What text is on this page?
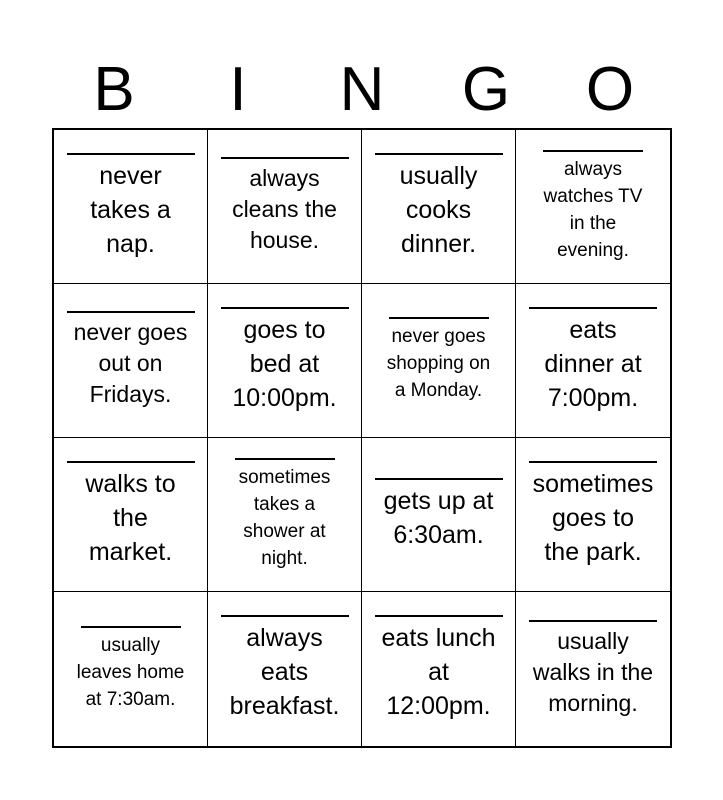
B	I	N	G	O
never
takes a
nap.
always
cleans the
house.
usually
cooks
dinner.
always
watches TV
in the
evening.
never goes
out on
Fridays.
goes to
bed at
10:00pm.
never goes
shopping on
a Monday.
eats
dinner at
7:00pm.
walks to
the
market.
sometimes
takes a
shower at
night.
gets up at
6:30am.
sometimes
goes to
the park.
usually
leaves home
at 7:30am.
always
eats
breakfast.
eats lunch
at
12:00pm.
usually
walks in the
morning.
